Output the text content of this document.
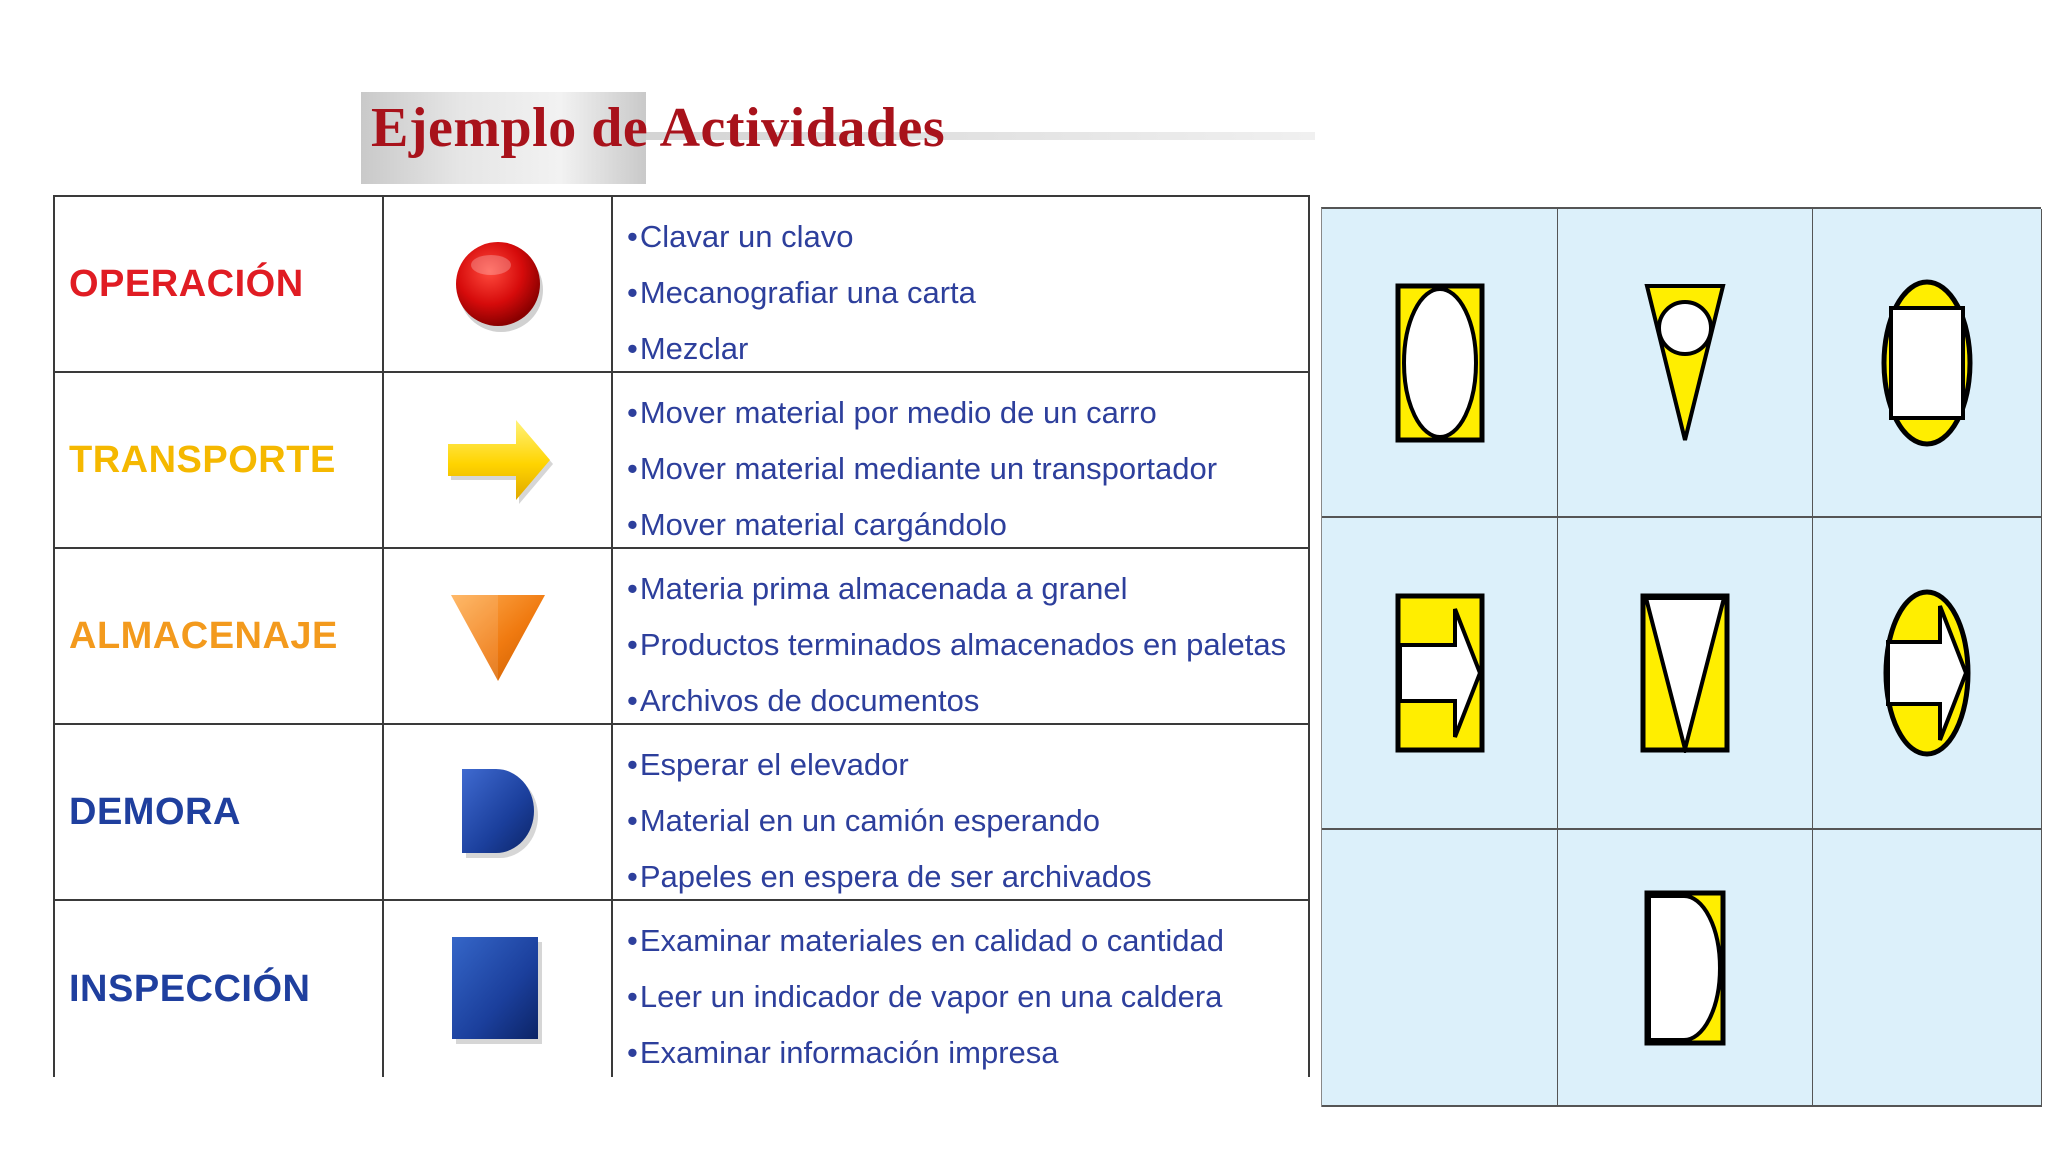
Ejemplo de Actividades
OPERACIÓN
• Clavar un clavo
• Mecanografiar una carta
• Mezclar
TRANSPORTE
• Mover material por medio de un carro
• Mover material mediante un transportador
• Mover material cargándolo
ALMACENAJE
• Materia prima almacenada a granel
• Productos terminados almacenados en paletas
• Archivos de documentos
DEMORA
• Esperar el elevador
• Material en un camión esperando
• Papeles en espera de ser archivados
INSPECCIÓN
• Examinar materiales en calidad o cantidad
• Leer un indicador de vapor en una caldera
• Examinar información impresa
